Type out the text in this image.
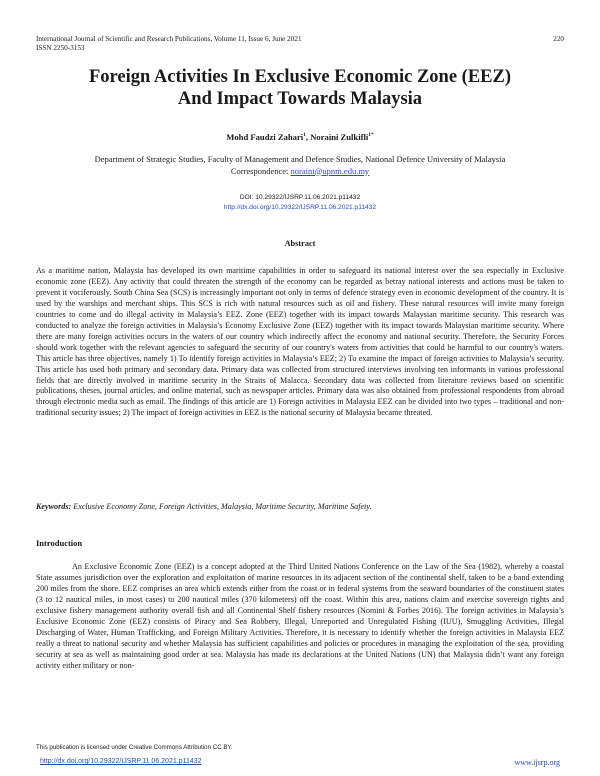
International Journal of Scientific and Research Publications, Volume 11, Issue 6, June 2021
ISSN 2250-3153
220
Foreign Activities In Exclusive Economic Zone (EEZ)
And Impact Towards Malaysia
Mohd Faudzi Zahari$^1$, Noraini Zulkifli$^{1*}$
Department of Strategic Studies, Faculty of Management and Defence Studies, National Defence University of Malaysia
Correspondence: noraini@upnm.edu.my
DOI: 10.29322/IJSRP.11.06.2021.p11432
http://dx.doi.org/10.29322/IJSRP.11.06.2021.p11432
Abstract
As a maritime nation, Malaysia has developed its own maritime capabilities in order to safeguard its national interest over the sea especially in Exclusive economic zone (EEZ). Any activity that could threaten the strength of the economy can be regarded as betray national interests and actions must be taken to prevent it vociferously. South China Sea (SCS) is increasingly important not only in terms of defence strategy even in economic development of the country. It is used by the warships and merchant ships. This SCS is rich with natural resources such as oil and fishery. These natural resources will invite many foreign countries to come and do illegal activity in Malaysia’s EEZ. Zone (EEZ) together with its impact towards Malaysian maritime security. This research was conducted to analyze the foreign activities in Malaysia’s Economy Exclusive Zone (EEZ) together with its impact towards Malaysian maritime security. Where there are many foreign activities occurs in the waters of our country which indirectly affect the economy and national security. Therefore, the Security Forces should work together with the relevant agencies to safeguard the security of our country's waters from activities that could be harmful to our country's waters. This article has three objectives, namely 1) To identify foreign activities in Malaysia’s EEZ; 2) To examine the impact of foreign activities to Malaysia’s security. This article has used both primary and secondary data. Primary data was collected from structured interviews involving ten informants in various professional fields that are directly involved in maritime security in the Straits of Malacca. Secondary data was collected from literature reviews based on scientific publications, theses, journal articles, and online material, such as newspaper articles. Primary data was also obtained from professional respondents from abroad through electronic media such as email. The findings of this article are 1) Foreign activities in Malaysia EEZ can be divided into two types – traditional and non-traditional security issues; 2) The impact of foreign activities in EEZ is the national security of Malaysia became threated.
Keywords: Exclusive Economy Zone, Foreign Activities, Malaysia, Maritime Security, Maritime Safety.
Introduction
An Exclusive Economic Zone (EEZ) is a concept adopted at the Third United Nations Conference on the Law of the Sea (1982), whereby a coastal State assumes jurisdiction over the exploration and exploitation of marine resources in its adjacent section of the continental shelf, taken to be a band extending 200 miles from the shore. EEZ comprises an area which extends either from the coast or in federal systems from the seaward boundaries of the constituent states (3 to 12 nautical miles, in most cases) to 200 nautical miles (370 kilometers) off the coast. Within this area, nations claim and exercise sovereign rights and exclusive fishery management authority overall fish and all Continental Shelf fishery resources (Nomini & Forbes 2016). The foreign activities in Malaysia’s Exclusive Economic Zone (EEZ) consists of Piracy and Sea Robbery, Illegal, Unreported and Unregulated Fishing (IUU), Smuggling Activities, Illegal Discharging of Water, Human Trafficking, and Foreign Military Activities. Therefore, it is necessary to identify whether the foreign activities in Malaysia EEZ really a threat to national security and whether Malaysia has sufficient capabilities and policies or procedures in managing the exploitation of the sea, providing security at sea as well as maintaining good order at sea. Malaysia has made its declarations at the United Nations (UN) that Malaysia didn’t want any foreign activity either military or non-
This publication is licensed under Creative Commons Attribution CC BY.
http://dx.doi.org/10.29322/IJSRP.11.06.2021.p11432	www.ijsrp.org
